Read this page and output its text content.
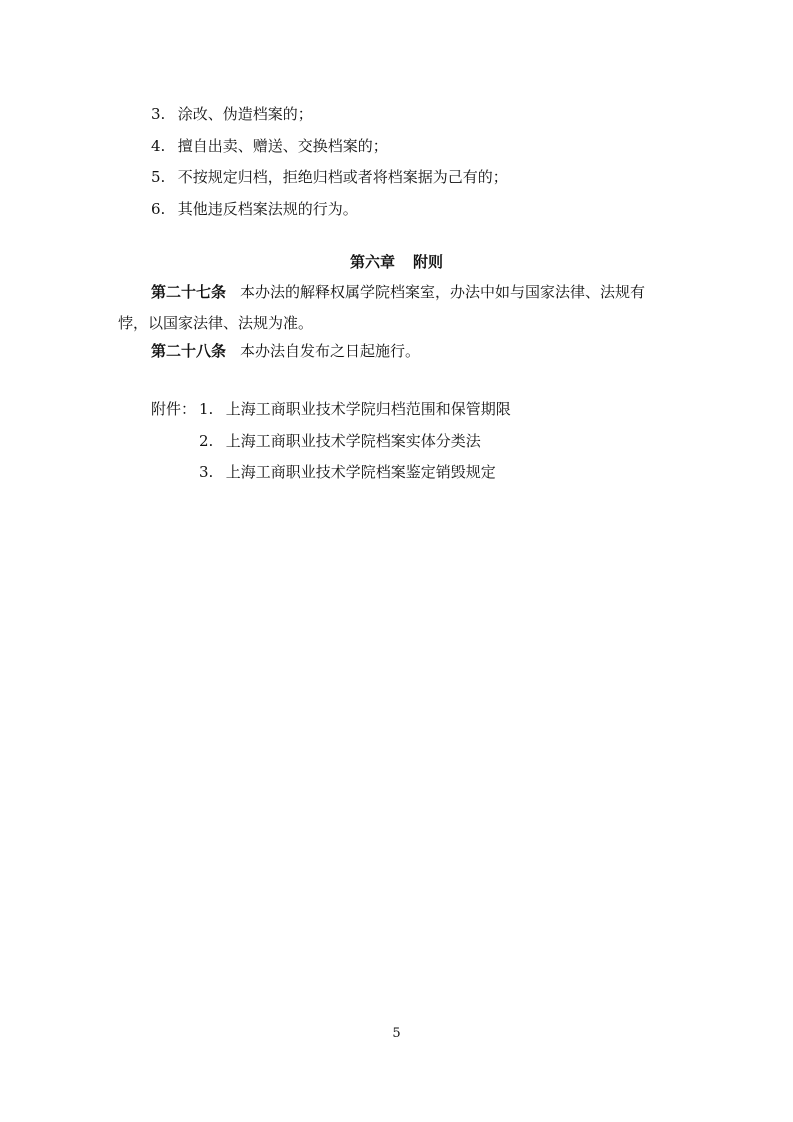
3. 涂改、伪造档案的；
4. 擅自出卖、赠送、交换档案的；
5. 不按规定归档，拒绝归档或者将档案据为己有的；
6. 其他违反档案法规的行为。
第六章 附则
第二十七条 本办法的解释权属学院档案室，办法中如与国家法律、法规有
悖，以国家法律、法规为准。
第二十八条 本办法自发布之日起施行。
附件： 1. 上海工商职业技术学院归档范围和保管期限
2. 上海工商职业技术学院档案实体分类法
3. 上海工商职业技术学院档案鉴定销毁规定
5
